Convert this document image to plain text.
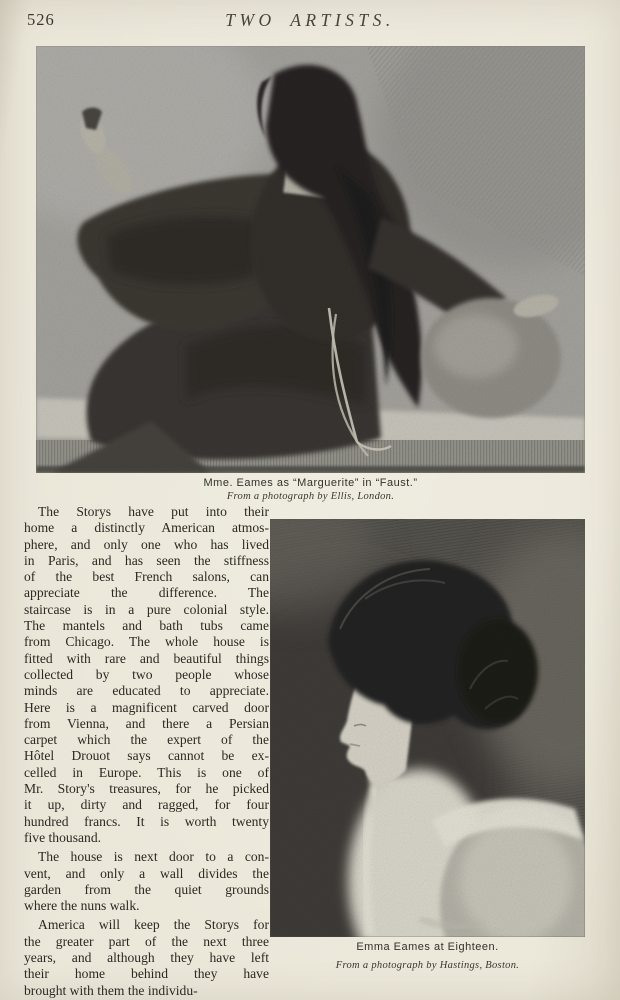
526	TWO ARTISTS.
Mme. Eames as “Marguerite” in “Faust.”
From a photograph by Ellis, London.
The Storys have put into their
home a distinctly American atmos-
phere, and only one who has lived
in Paris, and has seen the stiffness
of the best French salons, can
appreciate the difference. The
staircase is in a pure colonial style.
The mantels and bath tubs came
from Chicago. The whole house is
fitted with rare and beautiful things
collected by two people whose
minds are educated to appreciate.
Here is a magnificent carved door
from Vienna, and there a Persian
carpet which the expert of the
Hôtel Drouot says cannot be ex-
celled in Europe. This is one of
Mr. Story's treasures, for he picked
it up, dirty and ragged, for four
hundred francs. It is worth twenty
five thousand.
The house is next door to a con-
vent, and only a wall divides the
garden from the quiet grounds
where the nuns walk.
America will keep the Storys for
the greater part of the next three
years, and although they have left
their home behind they have
brought with them the individu-
Emma Eames at Eighteen.
From a photograph by Hastings, Boston.
